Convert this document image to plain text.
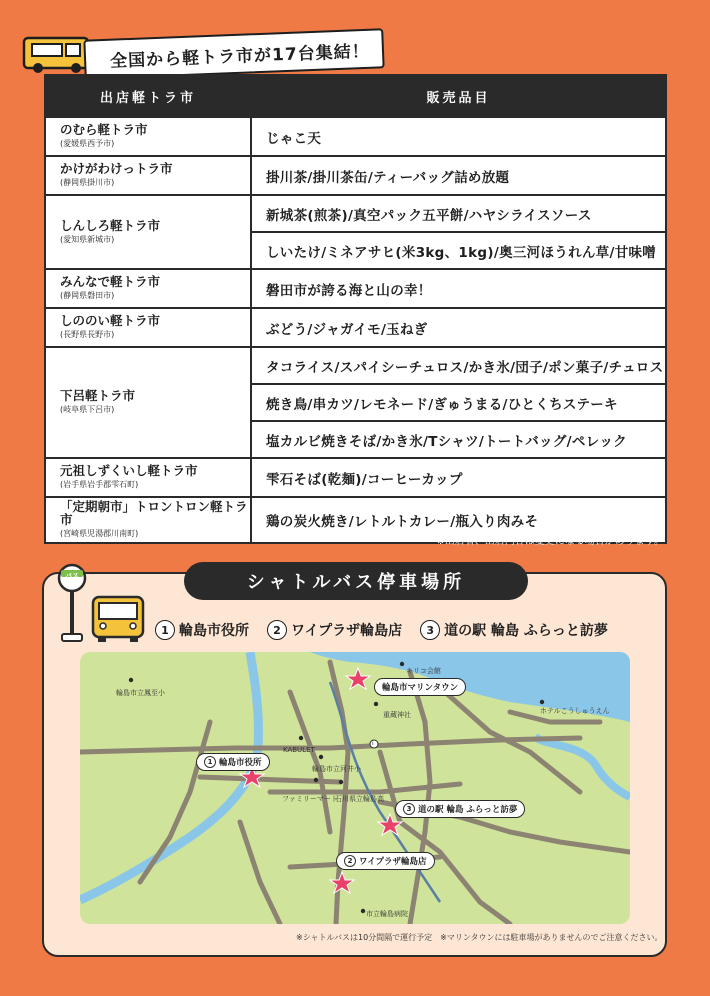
全国から軽トラ市が17台集結！
出店軽トラ市	販売品目

のむら軽トラ市
(愛媛県西予市)	じゃこ天

かけがわけっトラ市
(静岡県掛川市)	掛川茶/掛川茶缶/ティーバッグ詰め放題

しんしろ軽トラ市
(愛知県新城市)	新城茶(煎茶)/真空パック五平餅/ハヤシライスソース
	しいたけ/ミネアサヒ(米3kg、1kg)/奥三河ほうれん草/甘味噌

みんなで軽トラ市
(静岡県磐田市)	磐田市が誇る海と山の幸！

しののい軽トラ市
(長野県長野市)	ぶどう/ジャガイモ/玉ねぎ

下呂軽トラ市
(岐阜県下呂市)	タコライス/スパイシーチュロス/かき氷/団子/ポン菓子/チュロス
	焼き鳥/串カツ/レモネード/ぎゅうまる/ひとくちステーキ
	塩カルビ焼きそば/かき氷/Tシャツ/トートバッグ/ペレック

元祖しずくいし軽トラ市
(岩手県岩手郡雫石町)	雫石そば(乾麺)/コーヒーカップ

「定期朝市」トロントロン軽トラ市
(宮崎県児湯郡川南町)	鶏の炭火焼き/レトルトカレー/瓶入り肉みそ
※出店者、出店内容は変更になる場合があります。
バス	シャトルバス停車場所
1 輪島市役所	2 ワイプラザ輪島店	3 道の駅 輪島 ふらっと訪夢
キリコ会館
輪島市立鳳至小
重蔵神社	ホテルこうしゅうえん
KABULET
輪島市立河井小
ファミリーマート
石川県立輪島高
市立輪島病院
i
輪島市マリンタウン
1 輪島市役所
3 道の駅 輪島 ふらっと訪夢
2 ワイプラザ輪島店
※シャトルバスは10分間隔で運行予定　※マリンタウンには駐車場がありませんのでご注意ください。
